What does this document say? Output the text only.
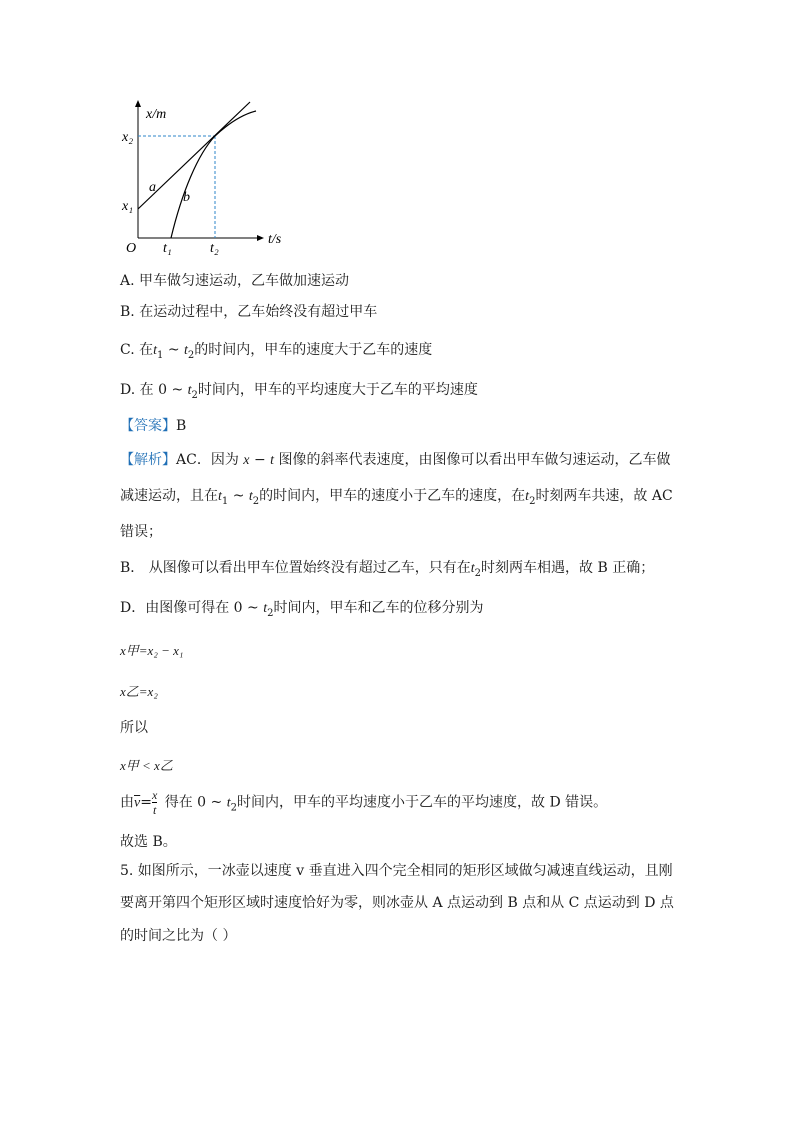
x/m
t/s
O
x₂
x₁
t₁	t₂
a
b
A. 甲车做匀速运动，乙车做加速运动
B. 在运动过程中，乙车始终没有超过甲车
C. 在$t_1$ ~ $t_2$的时间内，甲车的速度大于乙车的速度
D. 在 0 ~ $t_2$时间内，甲车的平均速度大于乙车的平均速度
【答案】B
【解析】AC．因为 x − t 图像的斜率代表速度，由图像可以看出甲车做匀速运动，乙车做
减速运动，且在$t_1$ ~ $t_2$的时间内，甲车的速度小于乙车的速度，在$t_2$时刻两车共速，故 AC
错误；
B． 从图像可以看出甲车位置始终没有超过乙车，只有在$t_2$时刻两车相遇，故 B 正确；
D．由图像可得在 0 ~ $t_2$时间内，甲车和乙车的位移分别为
x甲=x₂ − x₁
x乙=x₂
所以
x甲 < x乙
由$\overline{v}= \frac{x}{t}$ 得在 0 ~ $t_2$时间内，甲车的平均速度小于乙车的平均速度，故 D 错误。
故选 B。
5. 如图所示，一冰壶以速度 v 垂直进入四个完全相同的矩形区域做匀减速直线运动，且刚
要离开第四个矩形区域时速度恰好为零，则冰壶从 A 点运动到 B 点和从 C 点运动到 D 点
的时间之比为（ ）
